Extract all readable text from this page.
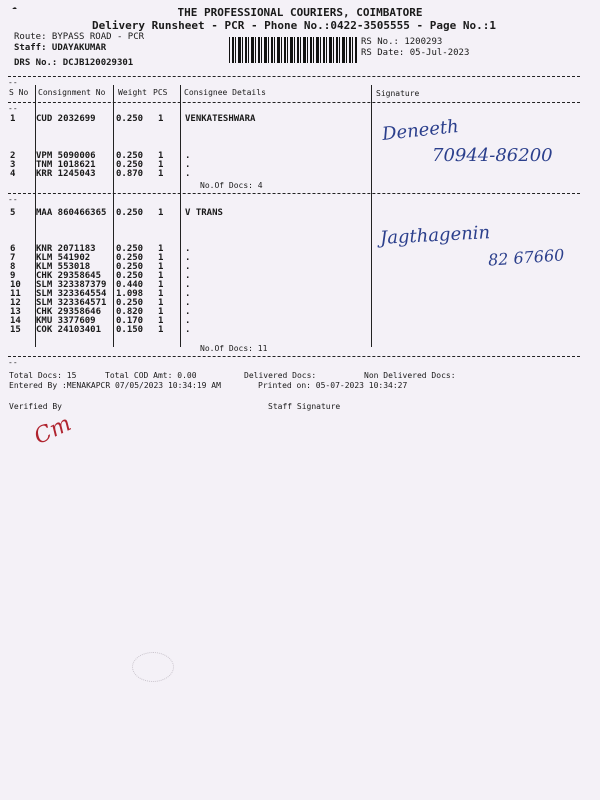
☁	THE PROFESSIONAL COURIERS, COIMBATORE
Delivery Runsheet - PCR - Phone No.:0422-3505555 - Page No.:1
Route: BYPASS ROAD - PCR
Staff: UDAYAKUMAR
DRS No.: DCJB120029301
RS No.: 1200293
RS Date: 05-Jul-2023
--
S No Consignment No Weight PCS Consignee Details	Signature
--
1 CUD 2032699 0.250 1 VENKATESHWARA
2 VPM 5090006 0.250 1 .
3 TNM 1018621 0.250 1 .
4 KRR 1245043 0.870 1 .
No.Of Docs: 4
Deneeth
70944-86200
--
5 MAA 860466365 0.250 1 V TRANS
6 KNR 2071183 0.250 1 .
7 KLM 541902	0.250 1 .
8 KLM 553018	0.250 1 .
9 CHK 29358645 0.250 1 .
10 SLM 323387379 0.440 1 .
11 SLM 323364554 1.098 1 .
12 SLM 323364571 0.250 1 .
13 CHK 29358646 0.820 1 .
14 KMU 3377609 0.170 1 .
15 COK 24103401 0.150 1 .
No.Of Docs: 11
Jagthagenin
82 67660
--
Total Docs: 15	Total COD Amt: 0.00	Delivered Docs:	Non Delivered Docs:
Entered By :MENAKAPCR 07/05/2023 10:34:19 AM	Printed on: 05-07-2023 10:34:27
Verified By	Staff Signature
Cm
